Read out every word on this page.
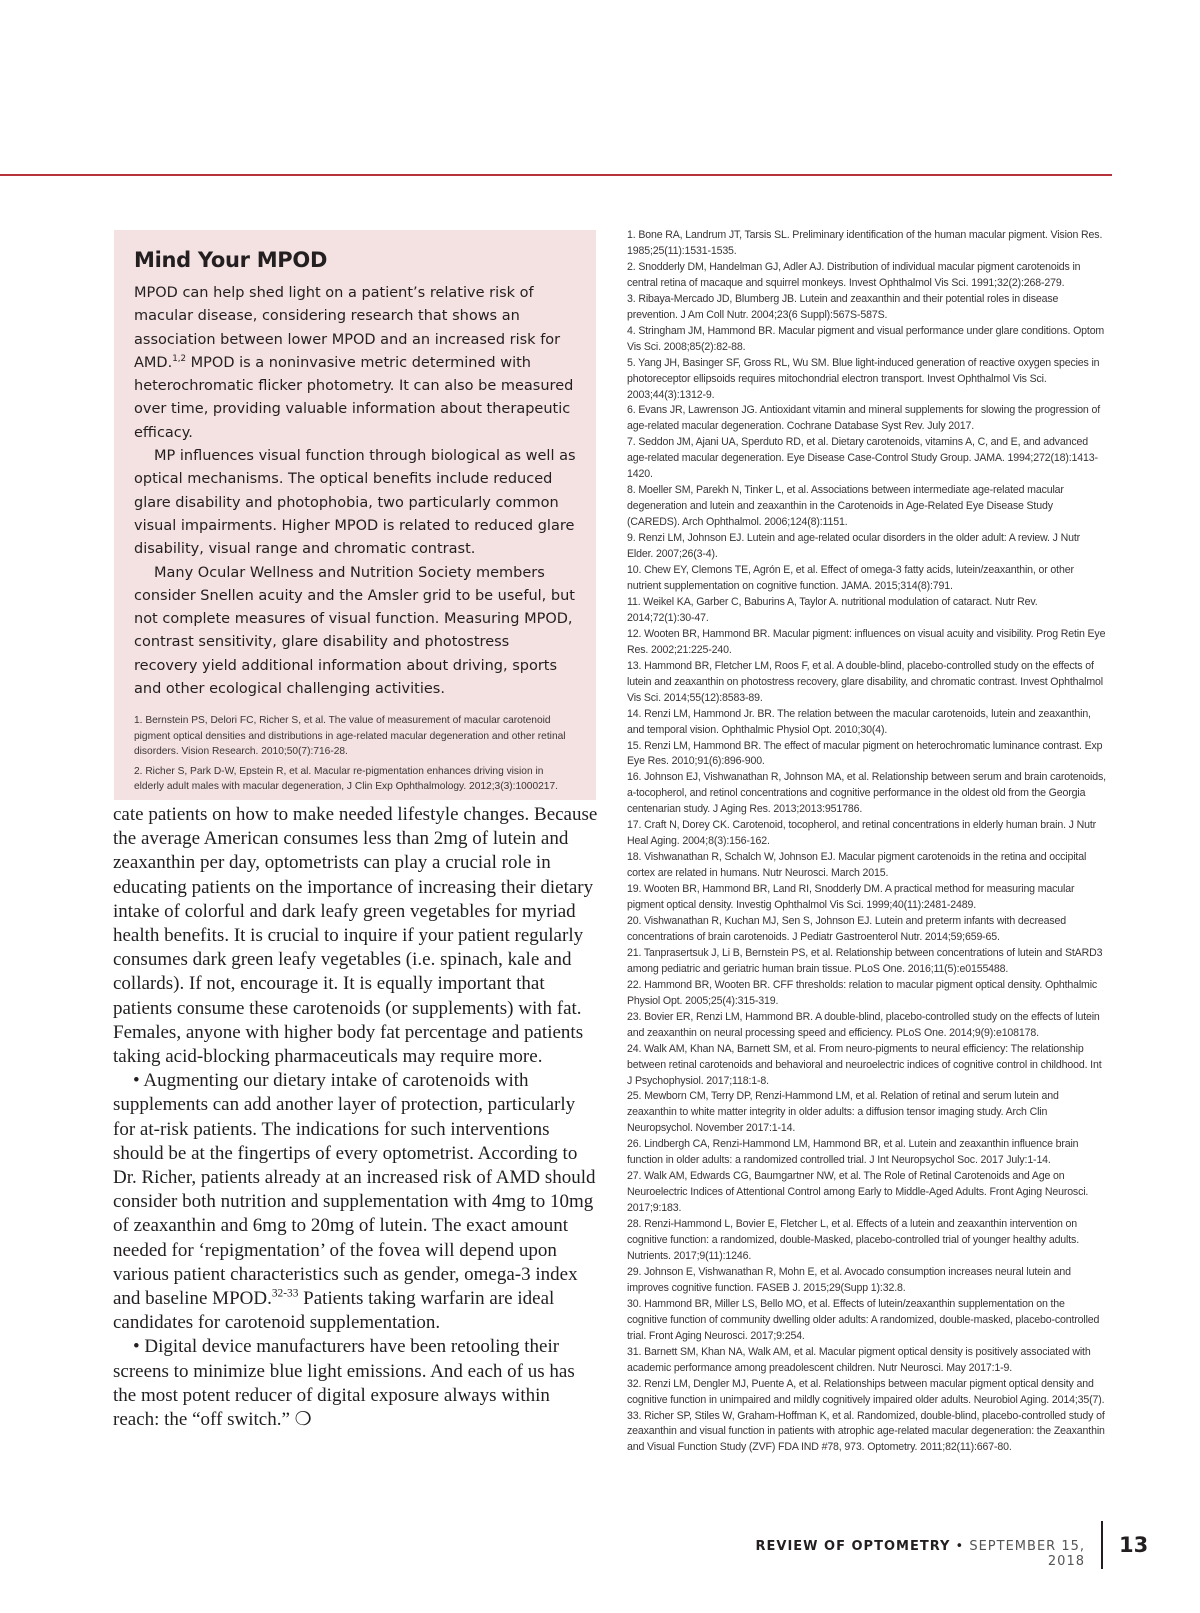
Mind Your MPOD

MPOD can help shed light on a patient’s relative risk of macular disease, considering research that shows an association between lower MPOD and an increased risk for AMD.$^{1,2}$ MPOD is a noninvasive metric determined with heterochromatic flicker photometry. It can also be measured over time, providing valuable information about therapeutic efficacy.

MP influences visual function through biological as well as optical mechanisms. The optical benefits include reduced glare disability and photophobia, two particularly common visual impairments. Higher MPOD is related to reduced glare disability, visual range and chromatic contrast.

Many Ocular Wellness and Nutrition Society members consider Snellen acuity and the Amsler grid to be useful, but not complete measures of visual function. Measuring MPOD, contrast sensitivity, glare disability and photostress recovery yield additional information about driving, sports and other ecological challenging activities.

1. Bernstein PS, Delori FC, Richer S, et al. The value of measurement of macular carotenoid pigment optical densities and distributions in age-related macular degeneration and other retinal disorders. Vision Research. 2010;50(7):716-28.

2. Richer S, Park D-W, Epstein R, et al. Macular re-pigmentation enhances driving vision in elderly adult males with macular degeneration, J Clin Exp Ophthalmology. 2012;3(3):1000217.

cate patients on how to make needed lifestyle changes. Because the average American consumes less than 2mg of lutein and zeaxanthin per day, optometrists can play a crucial role in educating patients on the importance of increasing their dietary intake of colorful and dark leafy green vegetables for myriad health benefits. It is crucial to inquire if your patient regularly consumes dark green leafy vegetables (i.e. spinach, kale and collards). If not, encourage it. It is equally important that patients consume these carotenoids (or supplements) with fat. Females, anyone with higher body fat percentage and patients taking acid-blocking pharmaceuticals may require more.

• Augmenting our dietary intake of carotenoids with supplements can add another layer of protection, particularly for at-risk patients. The indications for such interventions should be at the fingertips of every optometrist. According to Dr. Richer, patients already at an increased risk of AMD should consider both nutrition and supplementation with 4mg to 10mg of zeaxanthin and 6mg to 20mg of lutein. The exact amount needed for ‘repigmentation’ of the fovea will depend upon various patient characteristics such as gender, omega-3 index and baseline MPOD.$^{32-33}$ Patients taking warfarin are ideal candidates for carotenoid supplementation.

• Digital device manufacturers have been retooling their screens to minimize blue light emissions. And each of us has the most potent reducer of digital exposure always within reach: the “off switch.” ❍

1. Bone RA, Landrum JT, Tarsis SL. Preliminary identification of the human macular pigment. Vision Res. 1985;25(11):1531-1535.

2. Snodderly DM, Handelman GJ, Adler AJ. Distribution of individual macular pigment carotenoids in central retina of macaque and squirrel monkeys. Invest Ophthalmol Vis Sci. 1991;32(2):268-279.

3. Ribaya-Mercado JD, Blumberg JB. Lutein and zeaxanthin and their potential roles in disease prevention. J Am Coll Nutr. 2004;23(6 Suppl):567S-587S.

4. Stringham JM, Hammond BR. Macular pigment and visual performance under glare conditions. Optom Vis Sci. 2008;85(2):82-88.

5. Yang JH, Basinger SF, Gross RL, Wu SM. Blue light-induced generation of reactive oxygen species in photoreceptor ellipsoids requires mitochondrial electron transport. Invest Ophthalmol Vis Sci. 2003;44(3):1312-9.

6. Evans JR, Lawrenson JG. Antioxidant vitamin and mineral supplements for slowing the progression of age-related macular degeneration. Cochrane Database Syst Rev. July 2017.

7. Seddon JM, Ajani UA, Sperduto RD, et al. Dietary carotenoids, vitamins A, C, and E, and advanced age-related macular degeneration. Eye Disease Case-Control Study Group. JAMA. 1994;272(18):1413-1420.

8. Moeller SM, Parekh N, Tinker L, et al. Associations between intermediate age-related macular degeneration and lutein and zeaxanthin in the Carotenoids in Age-Related Eye Disease Study (CAREDS). Arch Ophthalmol. 2006;124(8):1151.

9. Renzi LM, Johnson EJ. Lutein and age-related ocular disorders in the older adult: A review. J Nutr Elder. 2007;26(3-4).

10. Chew EY, Clemons TE, Agrón E, et al. Effect of omega-3 fatty acids, lutein/zeaxanthin, or other nutrient supplementation on cognitive function. JAMA. 2015;314(8):791.

11. Weikel KA, Garber C, Baburins A, Taylor A. nutritional modulation of cataract. Nutr Rev. 2014;72(1):30-47.

12. Wooten BR, Hammond BR. Macular pigment: influences on visual acuity and visibility. Prog Retin Eye Res. 2002;21:225-240.

13. Hammond BR, Fletcher LM, Roos F, et al. A double-blind, placebo-controlled study on the effects of lutein and zeaxanthin on photostress recovery, glare disability, and chromatic contrast. Invest Ophthalmol Vis Sci. 2014;55(12):8583-89.

14. Renzi LM, Hammond Jr. BR. The relation between the macular carotenoids, lutein and zeaxanthin, and temporal vision. Ophthalmic Physiol Opt. 2010;30(4).

15. Renzi LM, Hammond BR. The effect of macular pigment on heterochromatic luminance contrast. Exp Eye Res. 2010;91(6):896-900.

16. Johnson EJ, Vishwanathan R, Johnson MA, et al. Relationship between serum and brain carotenoids, a-tocopherol, and retinol concentrations and cognitive performance in the oldest old from the Georgia centenarian study. J Aging Res. 2013;2013:951786.

17. Craft N, Dorey CK. Carotenoid, tocopherol, and retinal concentrations in elderly human brain. J Nutr Heal Aging. 2004;8(3):156-162.

18. Vishwanathan R, Schalch W, Johnson EJ. Macular pigment carotenoids in the retina and occipital cortex are related in humans. Nutr Neurosci. March 2015.

19. Wooten BR, Hammond BR, Land RI, Snodderly DM. A practical method for measuring macular pigment optical density. Investig Ophthalmol Vis Sci. 1999;40(11):2481-2489.

20. Vishwanathan R, Kuchan MJ, Sen S, Johnson EJ. Lutein and preterm infants with decreased concentrations of brain carotenoids. J Pediatr Gastroenterol Nutr. 2014;59;659-65.

21. Tanprasertsuk J, Li B, Bernstein PS, et al. Relationship between concentrations of lutein and StARD3 among pediatric and geriatric human brain tissue. PLoS One. 2016;11(5):e0155488.

22. Hammond BR, Wooten BR. CFF thresholds: relation to macular pigment optical density. Ophthalmic Physiol Opt. 2005;25(4):315-319.

23. Bovier ER, Renzi LM, Hammond BR. A double-blind, placebo-controlled study on the effects of lutein and zeaxanthin on neural processing speed and efficiency. PLoS One. 2014;9(9):e108178.

24. Walk AM, Khan NA, Barnett SM, et al. From neuro-pigments to neural efficiency: The relationship between retinal carotenoids and behavioral and neuroelectric indices of cognitive control in childhood. Int J Psychophysiol. 2017;118:1-8.

25. Mewborn CM, Terry DP, Renzi-Hammond LM, et al. Relation of retinal and serum lutein and zeaxanthin to white matter integrity in older adults: a diffusion tensor imaging study. Arch Clin Neuropsychol. November 2017:1-14.

26. Lindbergh CA, Renzi-Hammond LM, Hammond BR, et al. Lutein and zeaxanthin influence brain function in older adults: a randomized controlled trial. J Int Neuropsychol Soc. 2017 July:1-14.

27. Walk AM, Edwards CG, Baumgartner NW, et al. The Role of Retinal Carotenoids and Age on Neuroelectric Indices of Attentional Control among Early to Middle-Aged Adults. Front Aging Neurosci. 2017;9:183.

28. Renzi-Hammond L, Bovier E, Fletcher L, et al. Effects of a lutein and zeaxanthin intervention on cognitive function: a randomized, double-Masked, placebo-controlled trial of younger healthy adults. Nutrients. 2017;9(11):1246.

29. Johnson E, Vishwanathan R, Mohn E, et al. Avocado consumption increases neural lutein and improves cognitive function. FASEB J. 2015;29(Supp 1):32.8.

30. Hammond BR, Miller LS, Bello MO, et al. Effects of lutein/zeaxanthin supplementation on the cognitive function of community dwelling older adults: A randomized, double-masked, placebo-controlled trial. Front Aging Neurosci. 2017;9:254.

31. Barnett SM, Khan NA, Walk AM, et al. Macular pigment optical density is positively associated with academic performance among preadolescent children. Nutr Neurosci. May 2017:1-9.

32. Renzi LM, Dengler MJ, Puente A, et al. Relationships between macular pigment optical density and cognitive function in unimpaired and mildly cognitively impaired older adults. Neurobiol Aging. 2014;35(7).

33. Richer SP, Stiles W, Graham-Hoffman K, et al. Randomized, double-blind, placebo-controlled study of zeaxanthin and visual function in patients with atrophic age-related macular degeneration: the Zeaxanthin and Visual Function Study (ZVF) FDA IND #78, 973. Optometry. 2011;82(11):667-80.

REVIEW OF OPTOMETRY • SEPTEMBER 15, 2018
13
